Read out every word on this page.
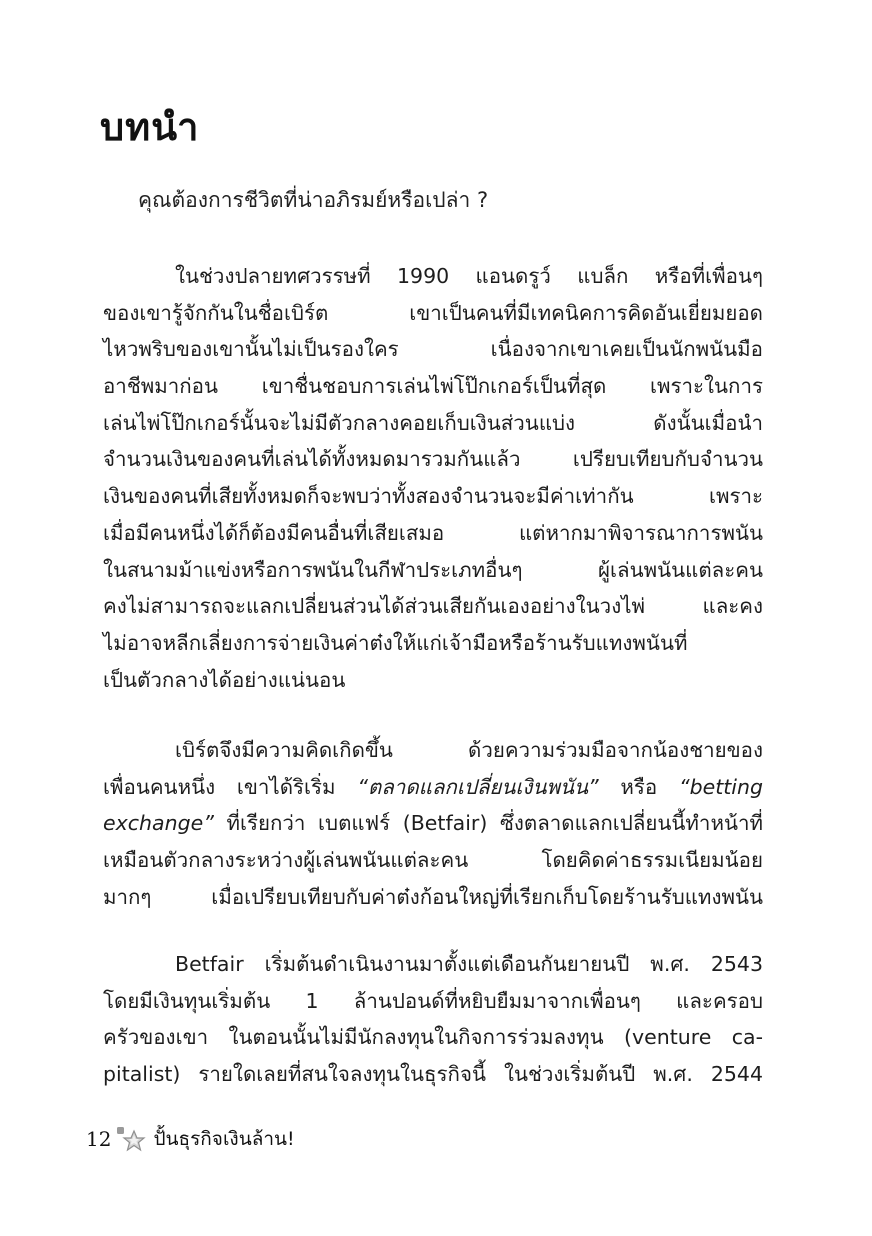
บทนำ

คุณต้องการชีวิตที่น่าอภิรมย์หรือเปล่า ?

ในช่วงปลายทศวรรษที่ 1990 แอนดรูว์ แบล็ก หรือที่เพื่อนๆ
ของเขารู้จักกันในชื่อเบิร์ต เขาเป็นคนที่มีเทคนิคการคิดอันเยี่ยมยอด
ไหวพริบของเขานั้นไม่เป็นรองใคร เนื่องจากเขาเคยเป็นนักพนันมือ
อาชีพมาก่อน เขาชื่นชอบการเล่นไพ่โป๊กเกอร์เป็นที่สุด เพราะในการ
เล่นไพ่โป๊กเกอร์นั้นจะไม่มีตัวกลางคอยเก็บเงินส่วนแบ่ง ดังนั้นเมื่อนำ
จำนวนเงินของคนที่เล่นได้ทั้งหมดมารวมกันแล้ว เปรียบเทียบกับจำนวน
เงินของคนที่เสียทั้งหมดก็จะพบว่าทั้งสองจำนวนจะมีค่าเท่ากัน เพราะ
เมื่อมีคนหนึ่งได้ก็ต้องมีคนอื่นที่เสียเสมอ แต่หากมาพิจารณาการพนัน
ในสนามม้าแข่งหรือการพนันในกีฬาประเภทอื่นๆ ผู้เล่นพนันแต่ละคน
คงไม่สามารถจะแลกเปลี่ยนส่วนได้ส่วนเสียกันเองอย่างในวงไพ่ และคง
ไม่อาจหลีกเลี่ยงการจ่ายเงินค่าต๋งให้แก่เจ้ามือหรือร้านรับแทงพนันที่
เป็นตัวกลางได้อย่างแน่นอน
เบิร์ตจึงมีความคิดเกิดขึ้น ด้วยความร่วมมือจากน้องชายของ
เพื่อนคนหนึ่ง เขาได้ริเริ่ม “ตลาดแลกเปลี่ยนเงินพนัน” หรือ “betting
exchange” ที่เรียกว่า เบตแฟร์ (Betfair) ซึ่งตลาดแลกเปลี่ยนนี้ทำหน้าที่
เหมือนตัวกลางระหว่างผู้เล่นพนันแต่ละคน โดยคิดค่าธรรมเนียมน้อย
มากๆ เมื่อเปรียบเทียบกับค่าต๋งก้อนใหญ่ที่เรียกเก็บโดยร้านรับแทงพนัน
Betfair เริ่มต้นดำเนินงานมาตั้งแต่เดือนกันยายนปี พ.ศ. 2543
โดยมีเงินทุนเริ่มต้น 1 ล้านปอนด์ที่หยิบยืมมาจากเพื่อนๆ และครอบ
ครัวของเขา ในตอนนั้นไม่มีนักลงทุนในกิจการร่วมลงทุน (venture ca-
pitalist) รายใดเลยที่สนใจลงทุนในธุรกิจนี้ ในช่วงเริ่มต้นปี พ.ศ. 2544
12 ปั้นธุรกิจเงินล้าน!
